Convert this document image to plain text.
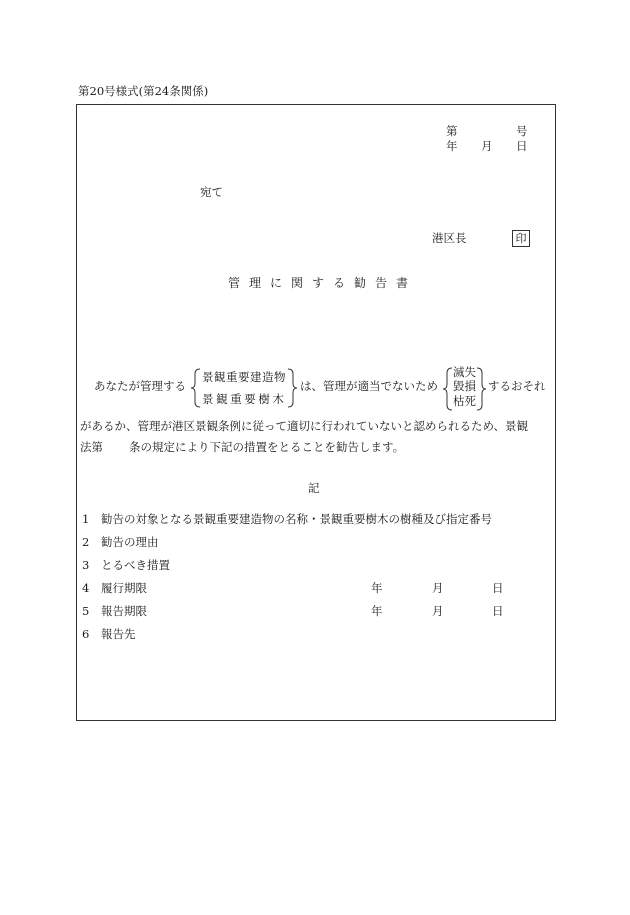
第20号様式(第24条関係)
第	号
年 月 日
宛て
港区長	印
管理に関する勧告書
あなたが管理する
景観重要建造物
景観重要樹木
は、管理が適当でないため
滅失
毀損
枯死
するおそれ
があるか、管理が港区景観条例に従って適切に行われていないと認められるため、景観
法第 条の規定により下記の措置をとることを勧告します。
記
1 勧告の対象となる景観重要建造物の名称・景観重要樹木の樹種及び指定番号
2 勧告の理由
3 とるべき措置
4 履行期限	年	月	日
5 報告期限	年	月	日
6 報告先
